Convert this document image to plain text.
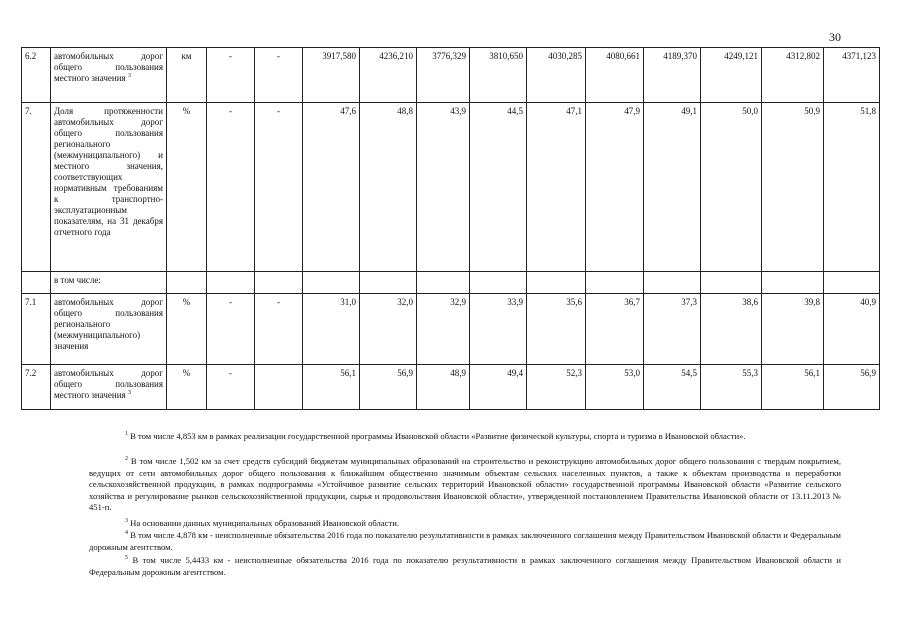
30
6.2	автомобильных дорог общего пользования местного значения $^3$	км	-	-	3917,580	4236,210	3776,329	3810,650	4030,285	4080,661	4189,370	4249,121	4312,802	4371,123
7.	Доля протяженности автомобильных дорог общего пользования регионального (межмуниципального) и местного значения, соответствующих нормативным требованиям к транспортно-эксплуатационным показателям, на 31 декабря отчетного года	%	-	-	47,6	48,8	43,9	44,5	47,1	47,9	49,1	50,0	50,9	51,8
	в том числе:													
7.1	автомобильных дорог общего пользования регионального (межмуниципального) значения	%	-	-	31,0	32,0	32,9	33,9	35,6	36,7	37,3	38,6	39,8	40,9
7.2	автомобильных дорог общего пользования местного значения $^3$	%	-		56,1	56,9	48,9	49,4	52,3	53,0	54,5	55,3	56,1	56,9

$^1$ В том числе 4,853 км в рамках реализации государственной программы Ивановской области «Развитие физической культуры, спорта и туризма в Ивановской области».

$^2$ В том числе 1,502 км за счет средств субсидий бюджетам муниципальных образований на строительство и реконструкцию автомобильных дорог общего пользования с твердым покрытием, ведущих от сети автомобильных дорог общего пользования к ближайшим общественно значимым объектам сельских населенных пунктов, а также к объектам производства и переработки сельскохозяйственной продукции, в рамках подпрограммы «Устойчивое развитие сельских территорий Ивановской области» государственной программы Ивановской области «Развитие сельского хозяйства и регулирование рынков сельскохозяйственной продукции, сырья и продовольствия Ивановской области», утвержденной постановлением Правительства Ивановской области от 13.11.2013 № 451-п.

$^3$ На основании данных муниципальных образований Ивановской области.

$^4$ В том числе 4,878 км - неисполненные обязательства 2016 года по показателю результативности в рамках заключенного соглашения между Правительством Ивановской области и Федеральным дорожным агентством.

$^5$ В том числе 5,4433 км - неисполненные обязательства 2016 года по показателю результативности в рамках заключенного соглашения между Правительством Ивановской области и Федеральным дорожным агентством.
